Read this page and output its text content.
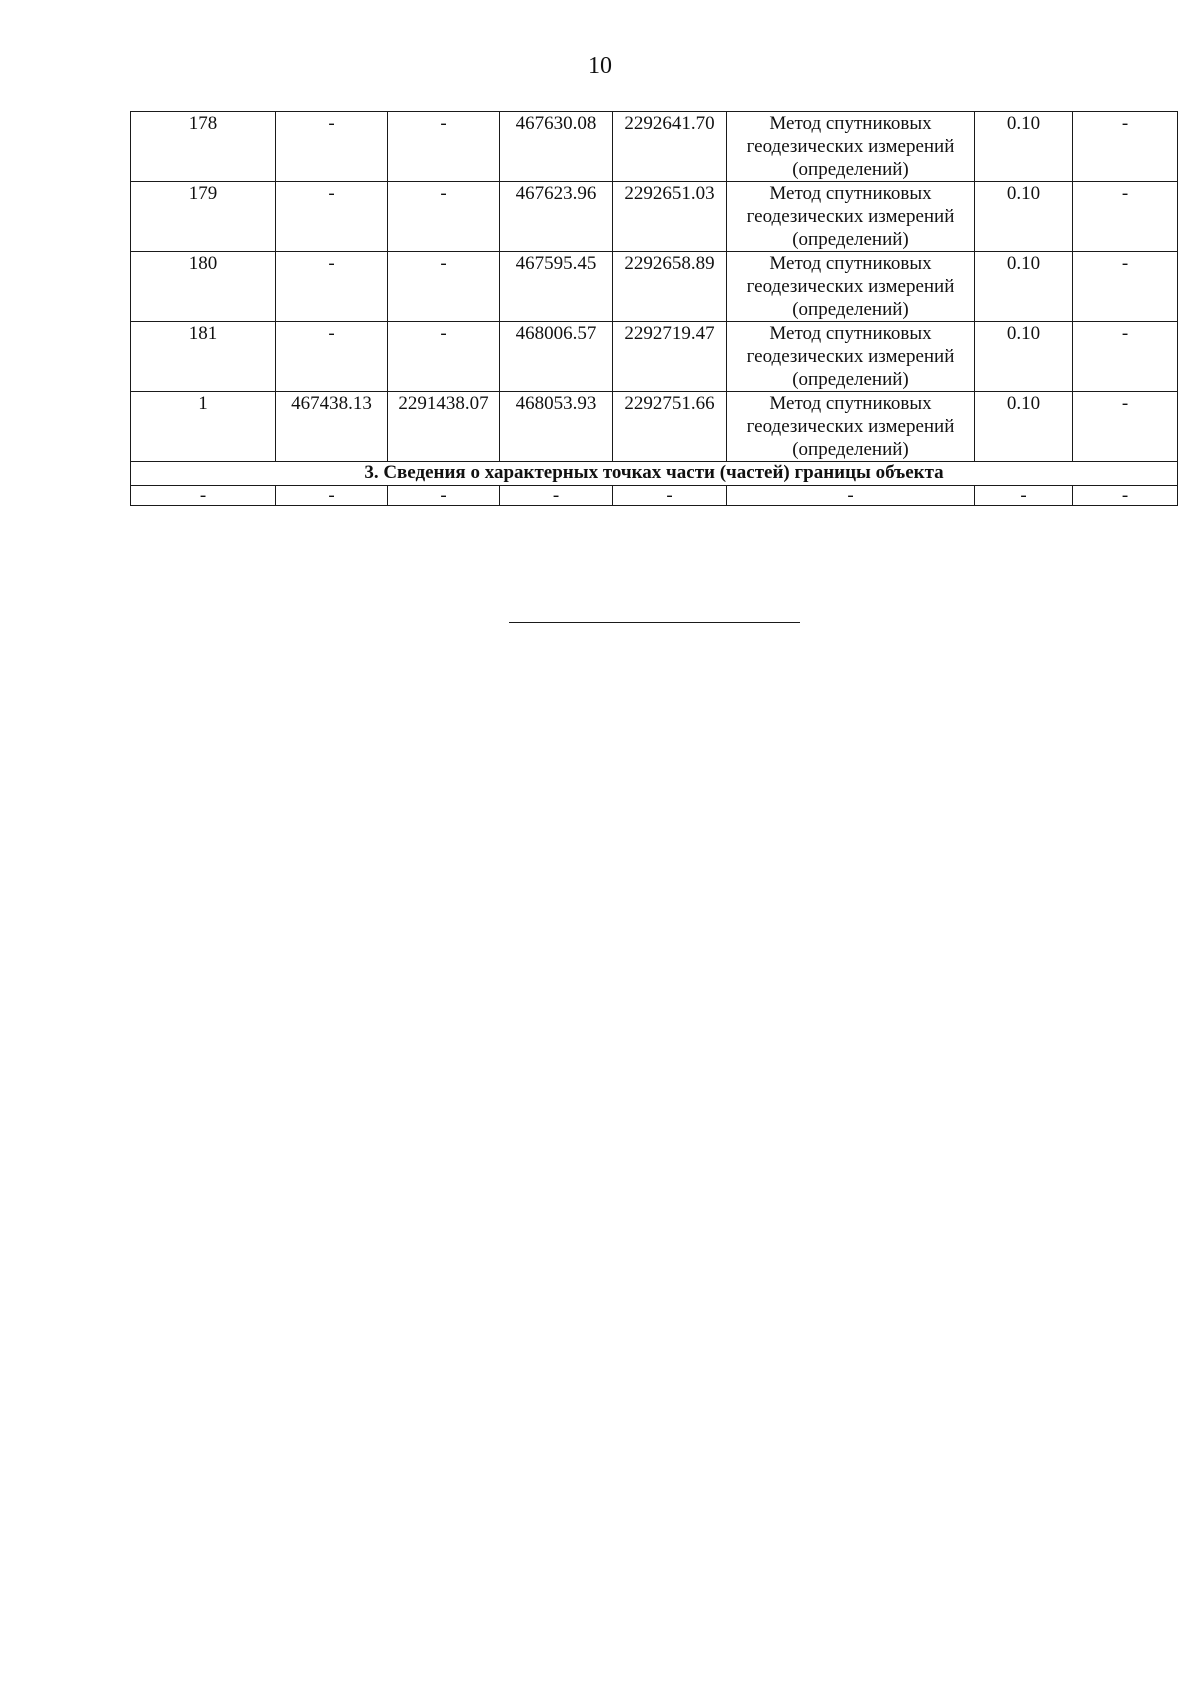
10
178	-	-	467630.08	2292641.70	Метод спутниковых
геодезических измерений
(определений)	0.10	-
179	-	-	467623.96	2292651.03	Метод спутниковых
геодезических измерений
(определений)	0.10	-
180	-	-	467595.45	2292658.89	Метод спутниковых
геодезических измерений
(определений)	0.10	-
181	-	-	468006.57	2292719.47	Метод спутниковых
геодезических измерений
(определений)	0.10	-
1	467438.13	2291438.07	468053.93	2292751.66	Метод спутниковых
геодезических измерений
(определений)	0.10	-
3. Сведения о характерных точках части (частей) границы объекта							
-	-	-	-	-	-	-	-
